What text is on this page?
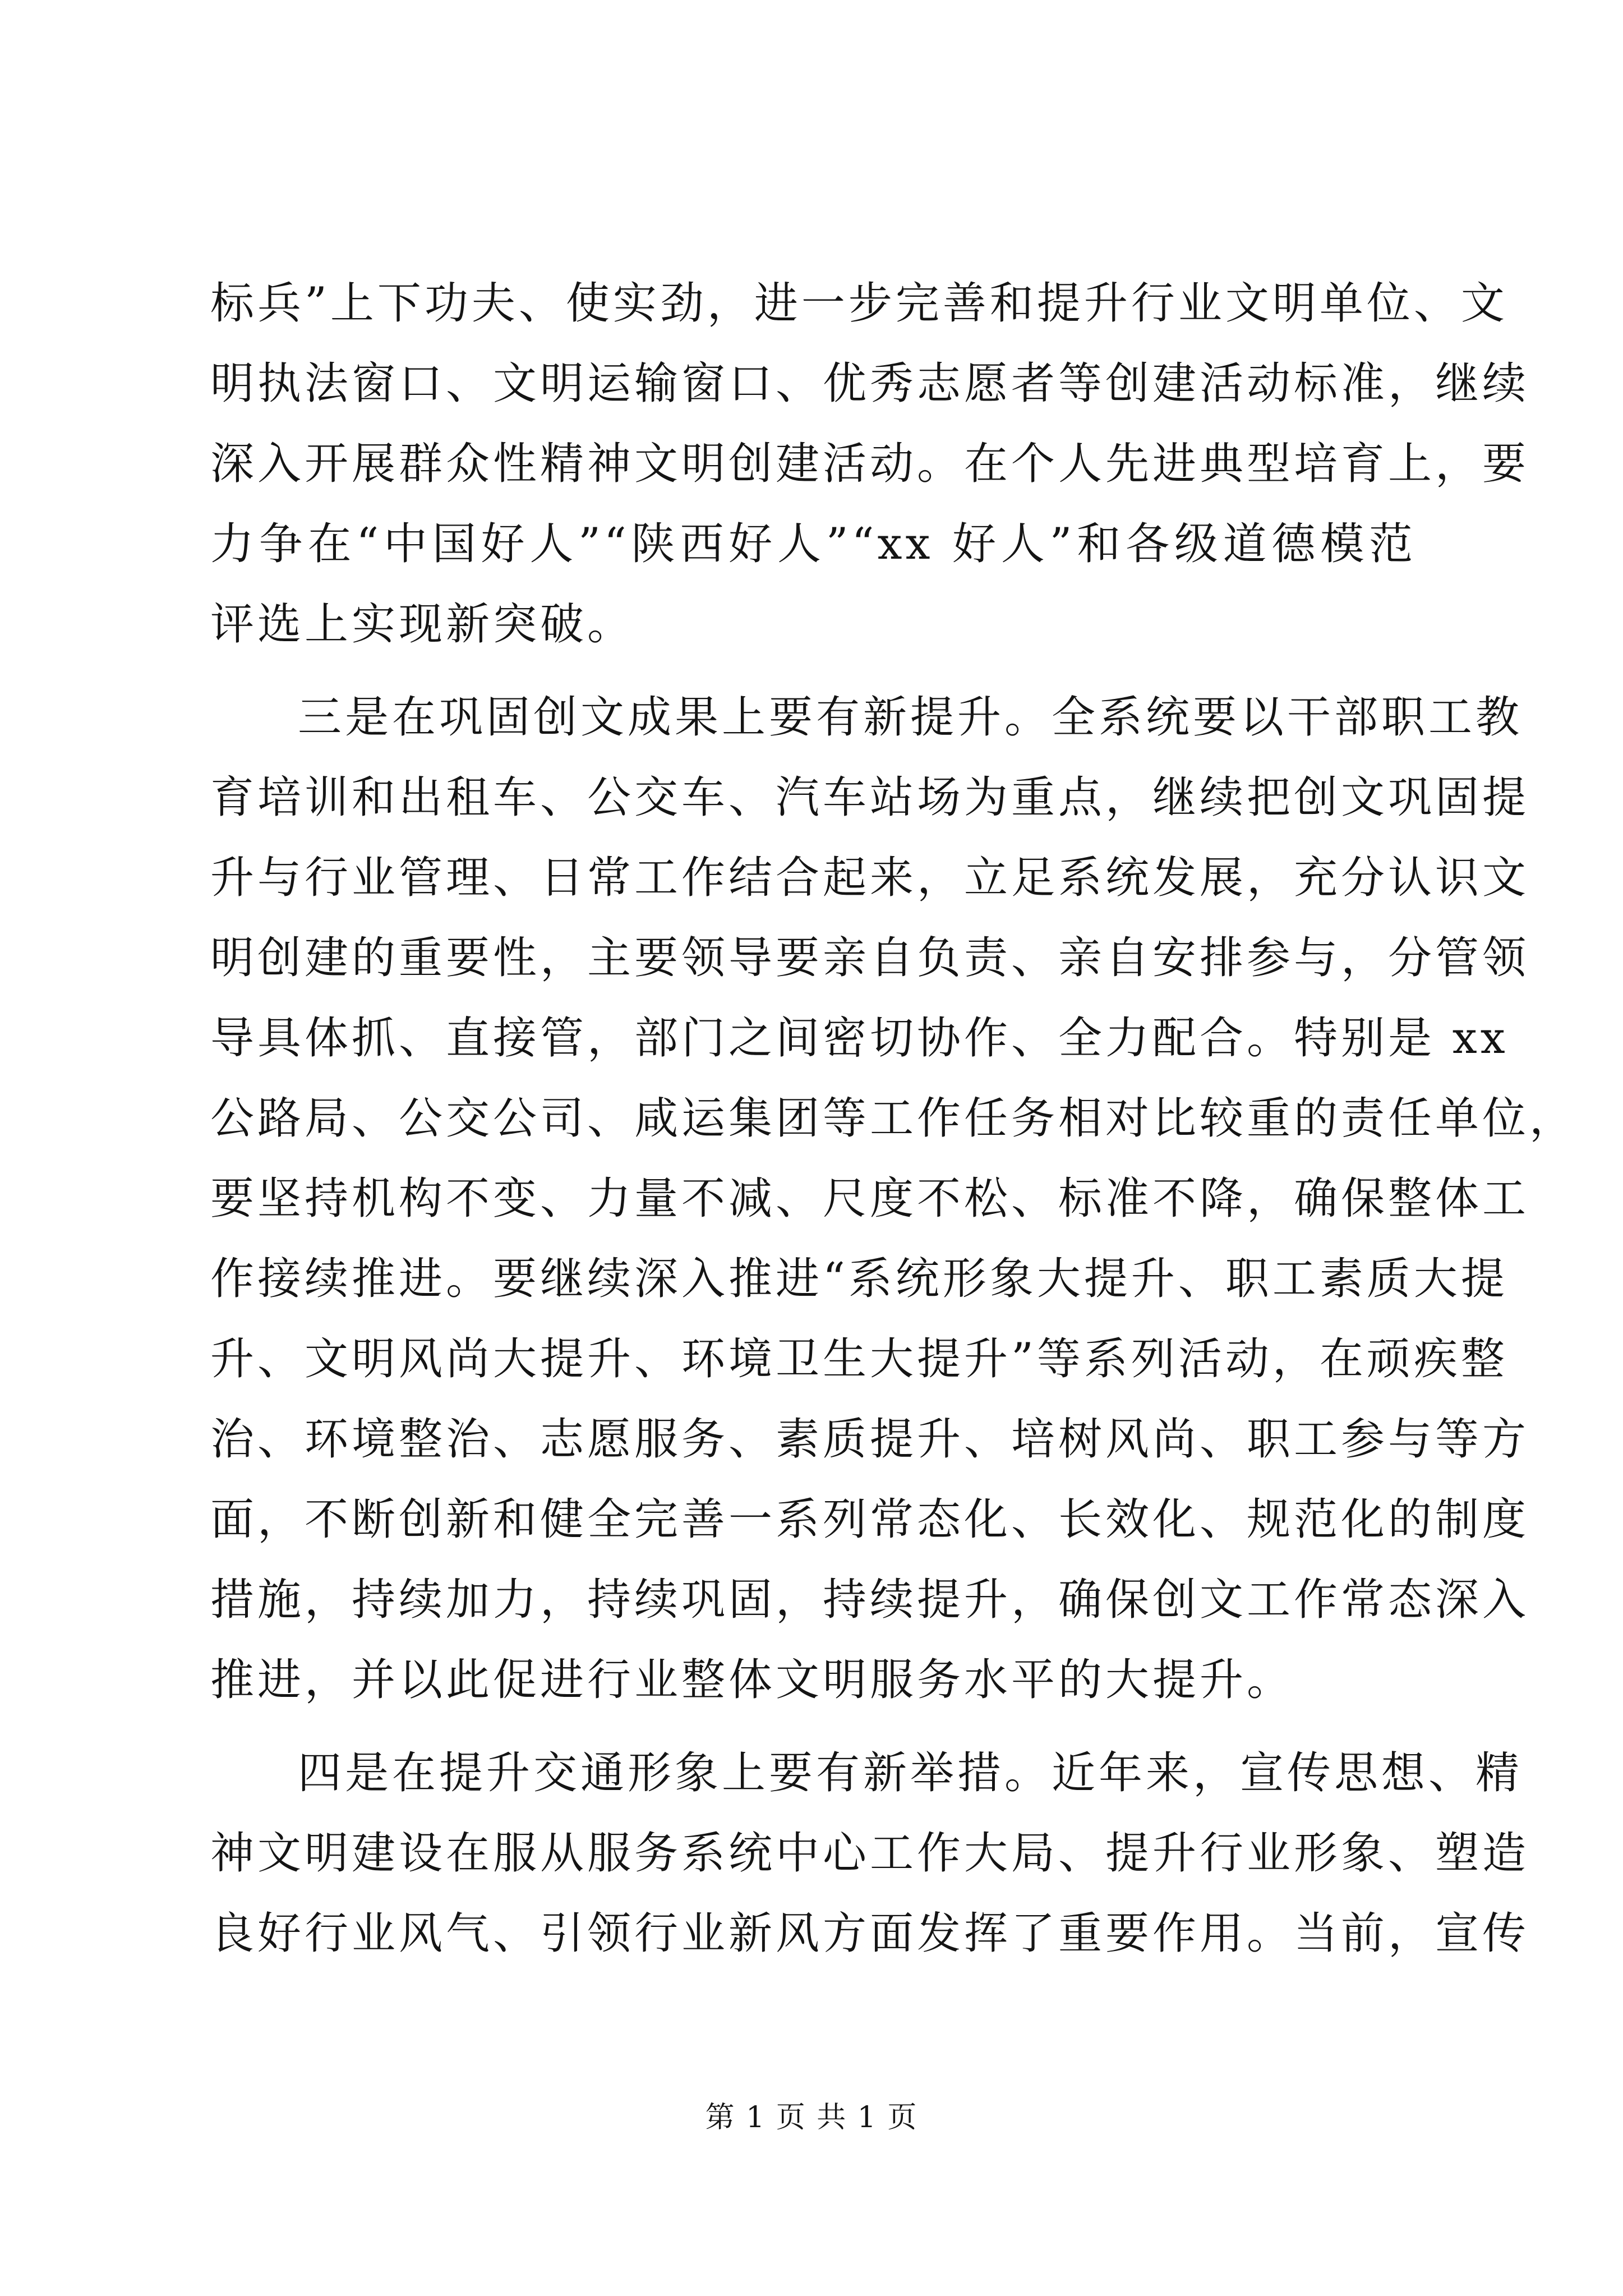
标兵”上下功夫、使实劲，进一步完善和提升行业文明单位、文
明执法窗口、文明运输窗口、优秀志愿者等创建活动标准，继续
深入开展群众性精神文明创建活动。在个人先进典型培育上，要
力争在“中国好人”“陕西好人”“xx 好人”和各级道德模范
评选上实现新突破。
三是在巩固创文成果上要有新提升。全系统要以干部职工教
育培训和出租车、公交车、汽车站场为重点，继续把创文巩固提
升与行业管理、日常工作结合起来，立足系统发展，充分认识文
明创建的重要性，主要领导要亲自负责、亲自安排参与，分管领
导具体抓、直接管，部门之间密切协作、全力配合。特别是 xx
公路局、公交公司、咸运集团等工作任务相对比较重的责任单位，
要坚持机构不变、力量不减、尺度不松、标准不降，确保整体工
作接续推进。要继续深入推进“系统形象大提升、职工素质大提
升、文明风尚大提升、环境卫生大提升”等系列活动，在顽疾整
治、环境整治、志愿服务、素质提升、培树风尚、职工参与等方
面，不断创新和健全完善一系列常态化、长效化、规范化的制度
措施，持续加力，持续巩固，持续提升，确保创文工作常态深入
推进，并以此促进行业整体文明服务水平的大提升。
四是在提升交通形象上要有新举措。近年来，宣传思想、精
神文明建设在服从服务系统中心工作大局、提升行业形象、塑造
良好行业风气、引领行业新风方面发挥了重要作用。当前，宣传
第 1 页 共 1 页
